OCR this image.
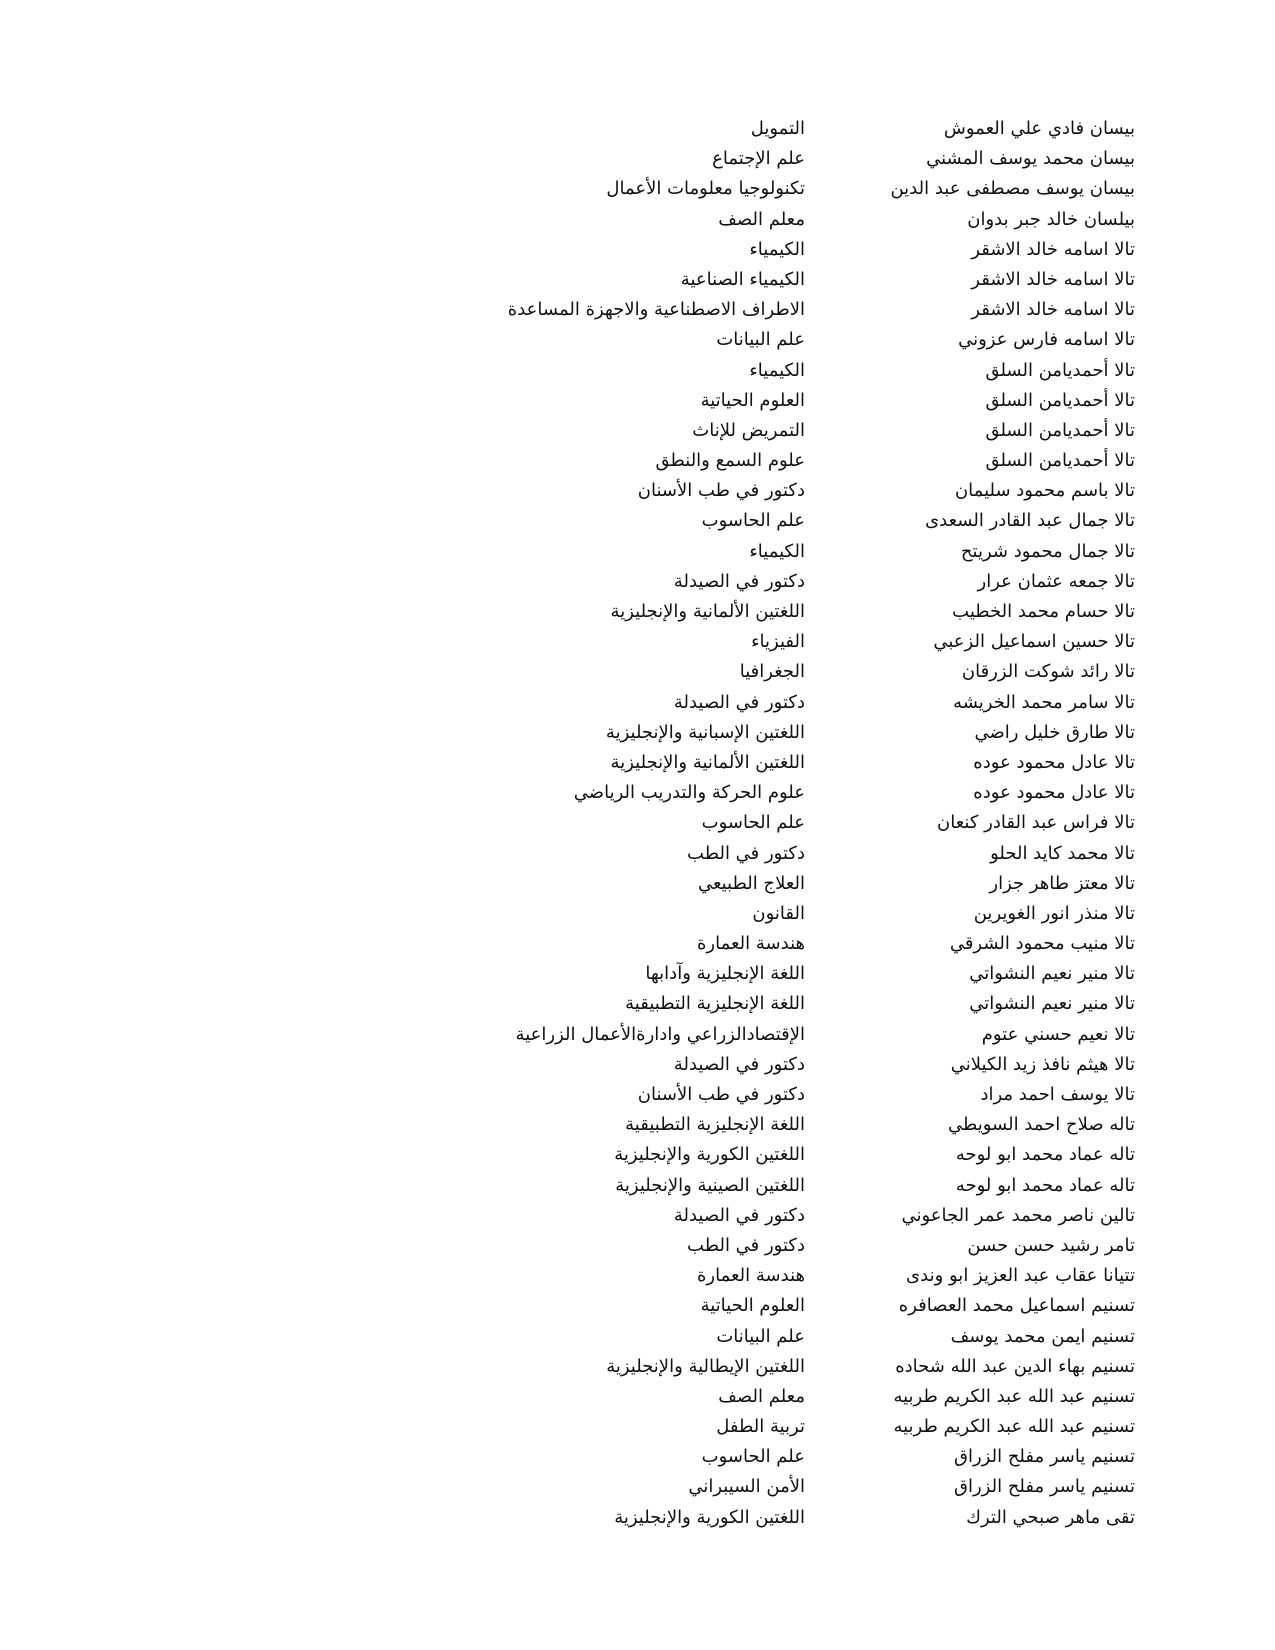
بيسان فادي علي العموش
التمويل
بيسان محمد يوسف المشني
علم الإجتماع
بيسان يوسف مصطفى عبد الدين
تكنولوجيا معلومات الأعمال
بيلسان خالد جبر بدوان
معلم الصف
تالا اسامه خالد الاشقر
الكيمياء
تالا اسامه خالد الاشقر
الكيمياء الصناعية
تالا اسامه خالد الاشقر
الاطراف الاصطناعية والاجهزة المساعدة
تالا اسامه فارس عزوني
علم البيانات
تالا أحمديامن السلق
الكيمياء
تالا أحمديامن السلق
العلوم الحياتية
تالا أحمديامن السلق
التمريض للإناث
تالا أحمديامن السلق
علوم السمع والنطق
تالا باسم محمود سليمان
دكتور في طب الأسنان
تالا جمال عبد القادر السعدى
علم الحاسوب
تالا جمال محمود شريتح
الكيمياء
تالا جمعه عثمان عرار
دكتور في الصيدلة
تالا حسام محمد الخطيب
اللغتين الألمانية والإنجليزية
تالا حسين اسماعيل الزعبي
الفيزياء
تالا رائد شوكت الزرقان
الجغرافيا
تالا سامر محمد الخريشه
دكتور في الصيدلة
تالا طارق خليل راضي
اللغتين الإسبانية والإنجليزية
تالا عادل محمود عوده
اللغتين الألمانية والإنجليزية
تالا عادل محمود عوده
علوم الحركة والتدريب الرياضي
تالا فراس عبد القادر كنعان
علم الحاسوب
تالا محمد كايد الحلو
دكتور في الطب
تالا معتز طاهر جزار
العلاج الطبيعي
تالا منذر انور الغويرين
القانون
تالا منيب محمود الشرقي
هندسة العمارة
تالا منير نعيم النشواتي
اللغة الإنجليزية وآدابها
تالا منير نعيم النشواتي
اللغة الإنجليزية التطبيقية
تالا نعيم حسني عتوم
الإقتصادالزراعي وادارةالأعمال الزراعية
تالا هيثم نافذ زيد الكيلاني
دكتور في الصيدلة
تالا يوسف احمد مراد
دكتور في طب الأسنان
تاله صلاح احمد السويطي
اللغة الإنجليزية التطبيقية
تاله عماد محمد ابو لوحه
اللغتين الكورية والإنجليزية
تاله عماد محمد ابو لوحه
اللغتين الصينية والإنجليزية
تالين ناصر محمد عمر الجاعوني
دكتور في الصيدلة
تامر رشيد حسن حسن
دكتور في الطب
تتيانا عقاب عبد العزيز ابو وندى
هندسة العمارة
تسنيم اسماعيل محمد العصافره
العلوم الحياتية
تسنيم ايمن محمد يوسف
علم البيانات
تسنيم بهاء الدين عبد الله شحاده
اللغتين الإيطالية والإنجليزية
تسنيم عبد الله عبد الكريم طربيه
معلم الصف
تسنيم عبد الله عبد الكريم طربيه
تربية الطفل
تسنيم ياسر مفلح الزراق
علم الحاسوب
تسنيم ياسر مفلح الزراق
الأمن السيبراني
تقى ماهر صبحي الترك
اللغتين الكورية والإنجليزية
